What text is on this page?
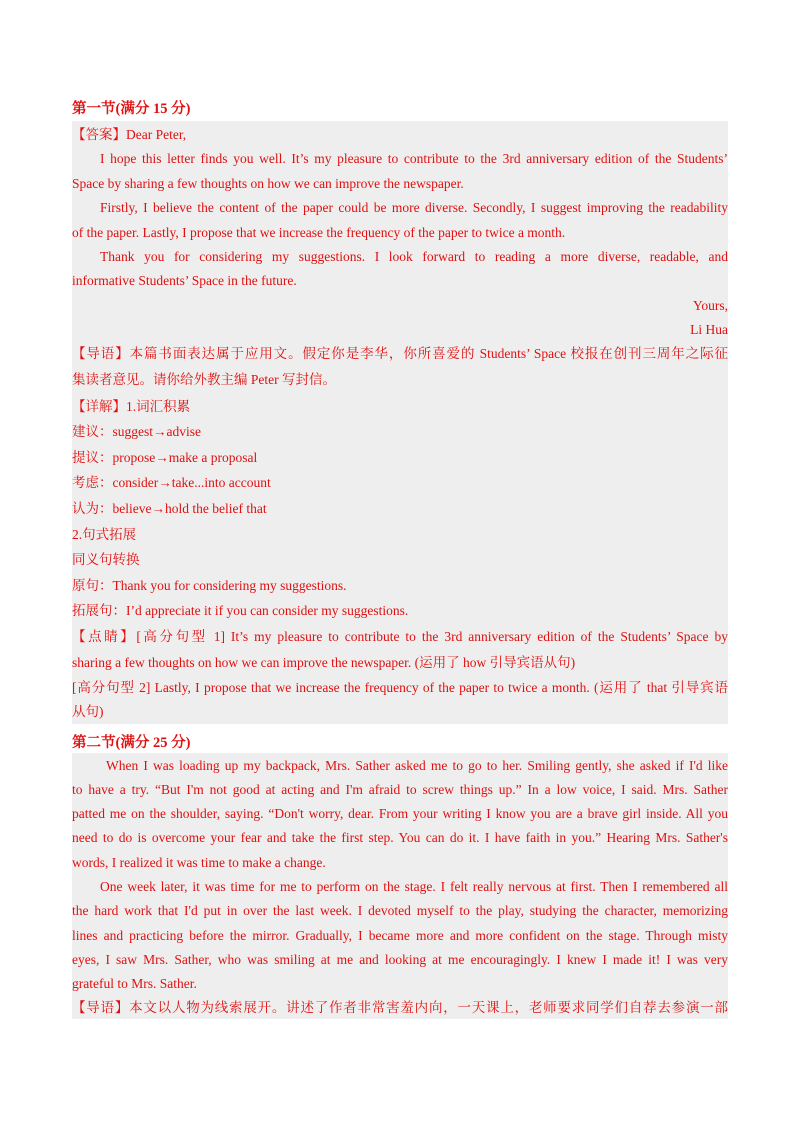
第一节(满分 15 分)
【答案】Dear Peter,
I hope this letter finds you well. It’s my pleasure to contribute to the 3rd anniversary edition of the Students’
Space by sharing a few thoughts on how we can improve the newspaper.
Firstly, I believe the content of the paper could be more diverse. Secondly, I suggest improving the readability
of the paper. Lastly, I propose that we increase the frequency of the paper to twice a month.
Thank you for considering my suggestions. I look forward to reading a more diverse, readable, and
informative Students’ Space in the future.
Yours,
Li Hua
【导语】本篇书面表达属于应用文。假定你是李华，你所喜爱的 Students’ Space 校报在创刊三周年之际征
集读者意见。请你给外教主编 Peter 写封信。
【详解】1.词汇积累
建议：suggest→advise
提议：propose→make a proposal
考虑：consider→take...into account
认为：believe→hold the belief that
2.句式拓展
同义句转换
原句：Thank you for considering my suggestions.
拓展句：I’d appreciate it if you can consider my suggestions.
【点睛】[高分句型 1] It’s my pleasure to contribute to the 3rd anniversary edition of the Students’ Space by
sharing a few thoughts on how we can improve the newspaper. (运用了 how 引导宾语从句)
[高分句型 2] Lastly, I propose that we increase the frequency of the paper to twice a month. (运用了 that 引导宾语
从句)
第二节(满分 25 分)
When I was loading up my backpack, Mrs. Sather asked me to go to her. Smiling gently, she asked if I'd like
to have a try. “But I'm not good at acting and I'm afraid to screw things up.” In a low voice, I said. Mrs. Sather
patted me on the shoulder, saying. “Don't worry, dear. From your writing I know you are a brave girl inside. All you
need to do is overcome your fear and take the first step. You can do it. I have faith in you.” Hearing Mrs. Sather's
words, I realized it was time to make a change.
One week later, it was time for me to perform on the stage. I felt really nervous at first. Then I remembered all
the hard work that I'd put in over the last week. I devoted myself to the play, studying the character, memorizing
lines and practicing before the mirror. Gradually, I became more and more confident on the stage. Through misty
eyes, I saw Mrs. Sather, who was smiling at me and looking at me encouragingly. I knew I made it! I was very
grateful to Mrs. Sather.
【导语】本文以人物为线索展开。讲述了作者非常害羞内向，一天课上，老师要求同学们自荐去参演一部
